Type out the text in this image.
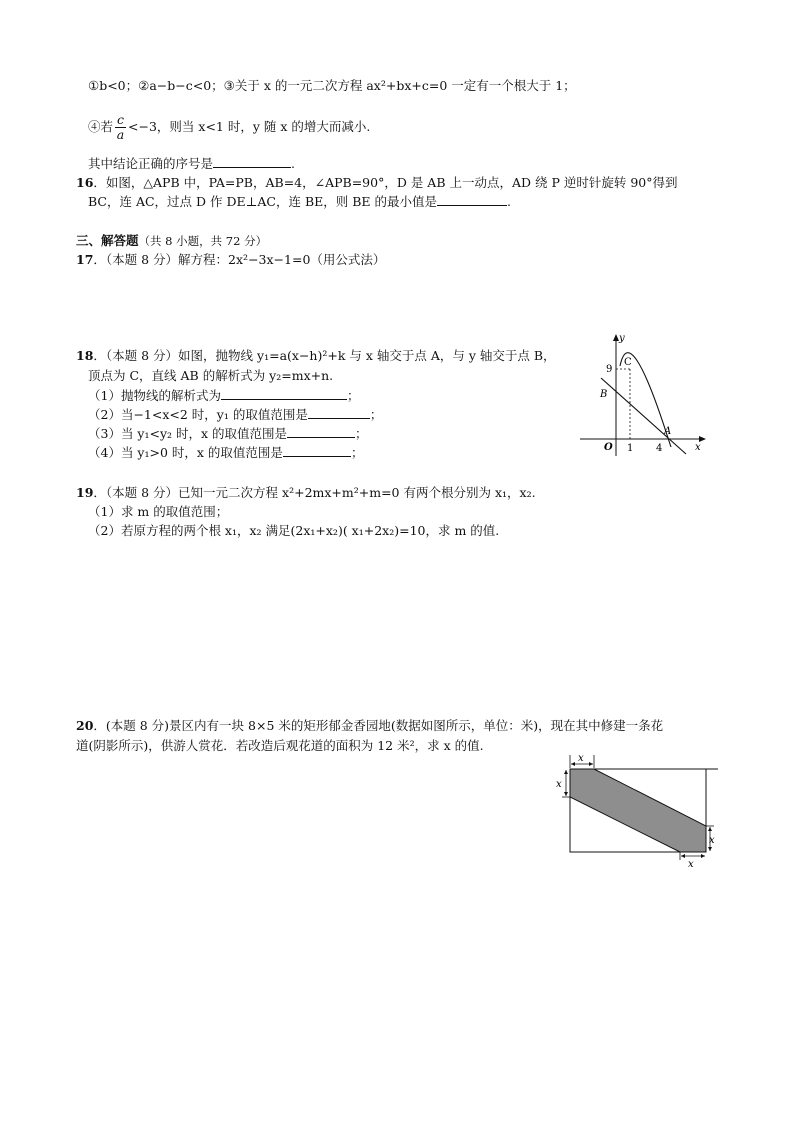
①b<0；②a−b−c<0；③关于 x 的一元二次方程 ax²+bx+c=0 一定有一个根大于 1；
④若 $\frac{c}{a} <-3$，则当 x<1 时，y 随 x 的增大而减小.
其中结论正确的序号是	.
16．如图，△APB 中，PA=PB，AB=4，∠APB=90°，D 是 AB 上一动点，AD 绕 P 逆时针旋转 90°得到
BC，连 AC，过点 D 作 DE⊥AC，连 BE，则 BE 的最小值是	.
三、解答题（共 8 小题，共 72 分）
17．（本题 8 分）解方程：2x²−3x−1=0（用公式法）
18．（本题 8 分）如图，抛物线 y₁=a(x−h)²+k 与 x 轴交于点 A，与 y 轴交于点 B，
顶点为 C，直线 AB 的解析式为 y₂=mx+n.
（1）抛物线的解析式为	；
（2）当−1<x<2 时，y₁ 的取值范围是	；
（3）当 y₁<y₂ 时，x 的取值范围是	；
（4）当 y₁>0 时，x 的取值范围是	；
y
x
C
9
B
A
O 1 4
19．（本题 8 分）已知一元二次方程 x²+2mx+m²+m=0 有两个根分别为 x₁，x₂.
（1）求 m 的取值范围；
（2）若原方程的两个根 x₁，x₂ 满足(2x₁+x₂)( x₁+2x₂)=10，求 m 的值.
20．(本题 8 分)景区内有一块 8×5 米的矩形郁金香园地(数据如图所示，单位：米)，现在其中修建一条花
道(阴影所示)，供游人赏花．若改造后观花道的面积为 12 米²，求 x 的值.
x
x
x
x
